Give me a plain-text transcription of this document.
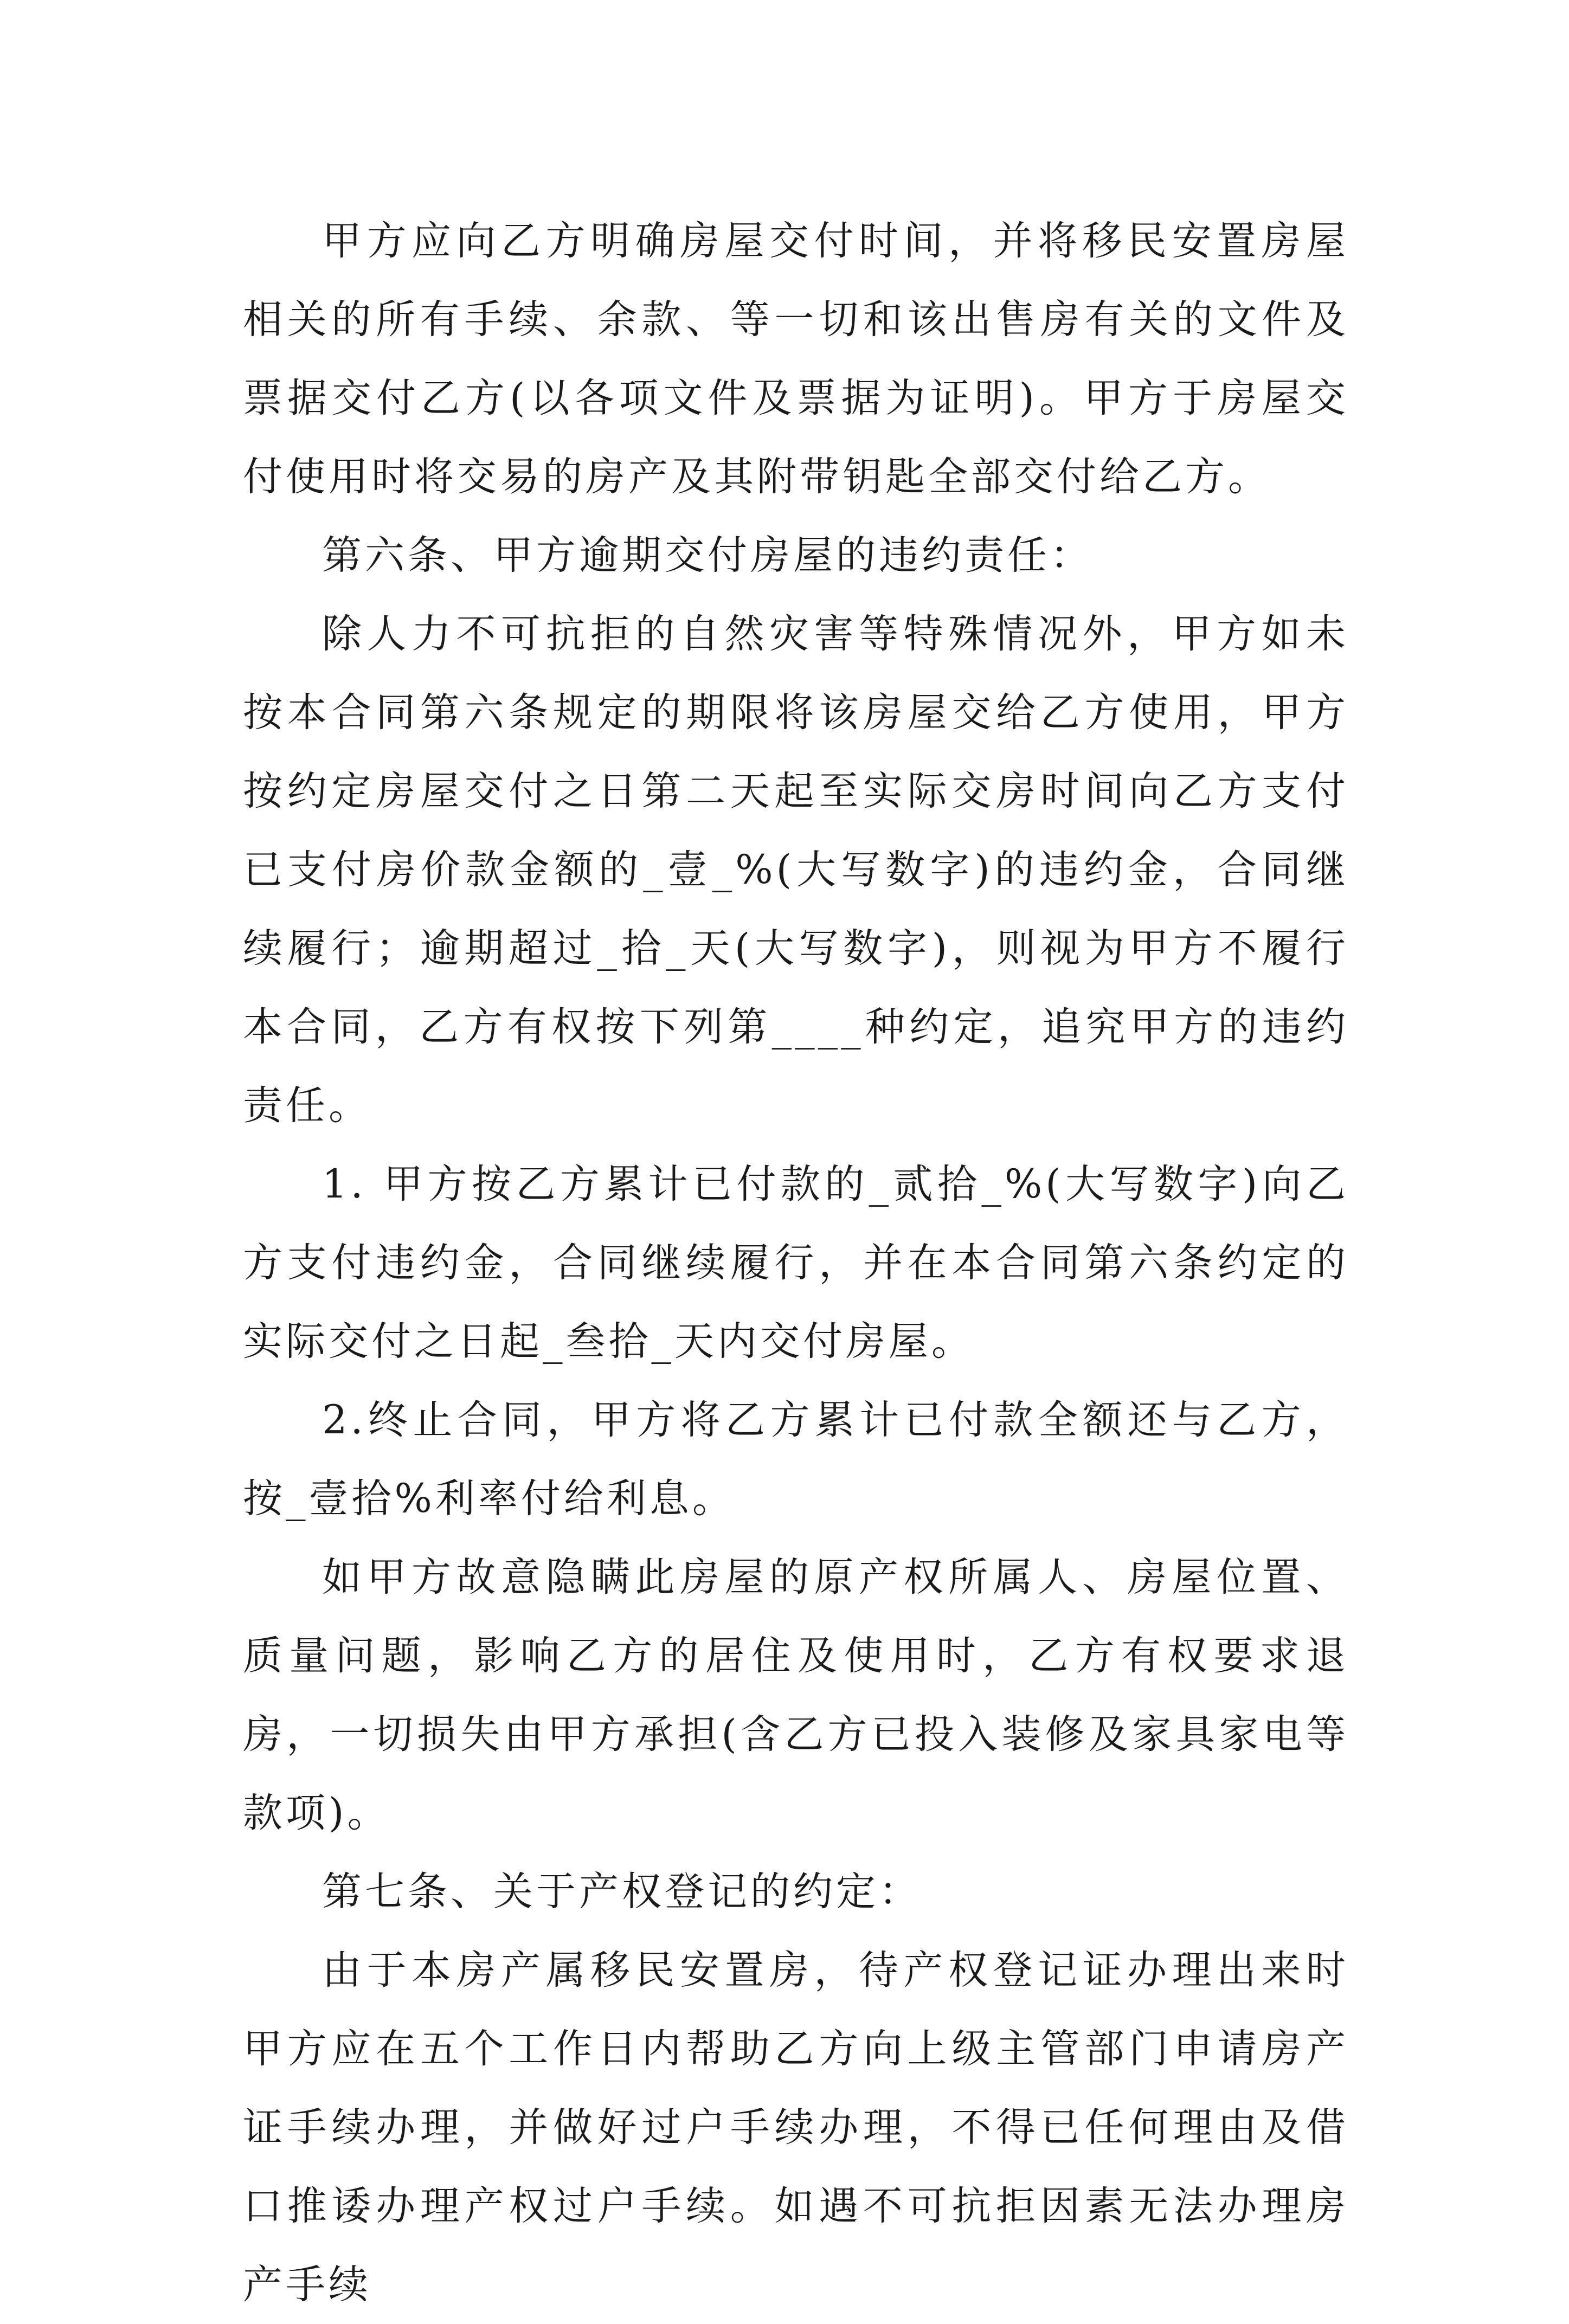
甲方应向乙方明确房屋交付时间，并将移民安置房屋相关的所有手续、余款、等一切和该出售房有关的文件及票据交付乙方(以各项文件及票据为证明)。甲方于房屋交付使用时将交易的房产及其附带钥匙全部交付给乙方。

第六条、甲方逾期交付房屋的违约责任：

除人力不可抗拒的自然灾害等特殊情况外，甲方如未按本合同第六条规定的期限将该房屋交给乙方使用，甲方按约定房屋交付之日第二天起至实际交房时间向乙方支付已支付房价款金额的_壹_%(大写数字)的违约金，合同继续履行；逾期超过_拾_天(大写数字)，则视为甲方不履行本合同，乙方有权按下列第____种约定，追究甲方的违约责任。

1. 甲方按乙方累计已付款的_贰拾_%(大写数字)向乙方支付违约金，合同继续履行，并在本合同第六条约定的实际交付之日起_叁拾_天内交付房屋。

2.终止合同，甲方将乙方累计已付款全额还与乙方，按_壹拾%利率付给利息。

如甲方故意隐瞒此房屋的原产权所属人、房屋位置、质量问题，影响乙方的居住及使用时，乙方有权要求退房，一切损失由甲方承担(含乙方已投入装修及家具家电等款项)。

第七条、关于产权登记的约定：

由于本房产属移民安置房，待产权登记证办理出来时甲方应在五个工作日内帮助乙方向上级主管部门申请房产证手续办理，并做好过户手续办理，不得已任何理由及借口推诿办理产权过户手续。如遇不可抗拒因素无法办理房产手续
